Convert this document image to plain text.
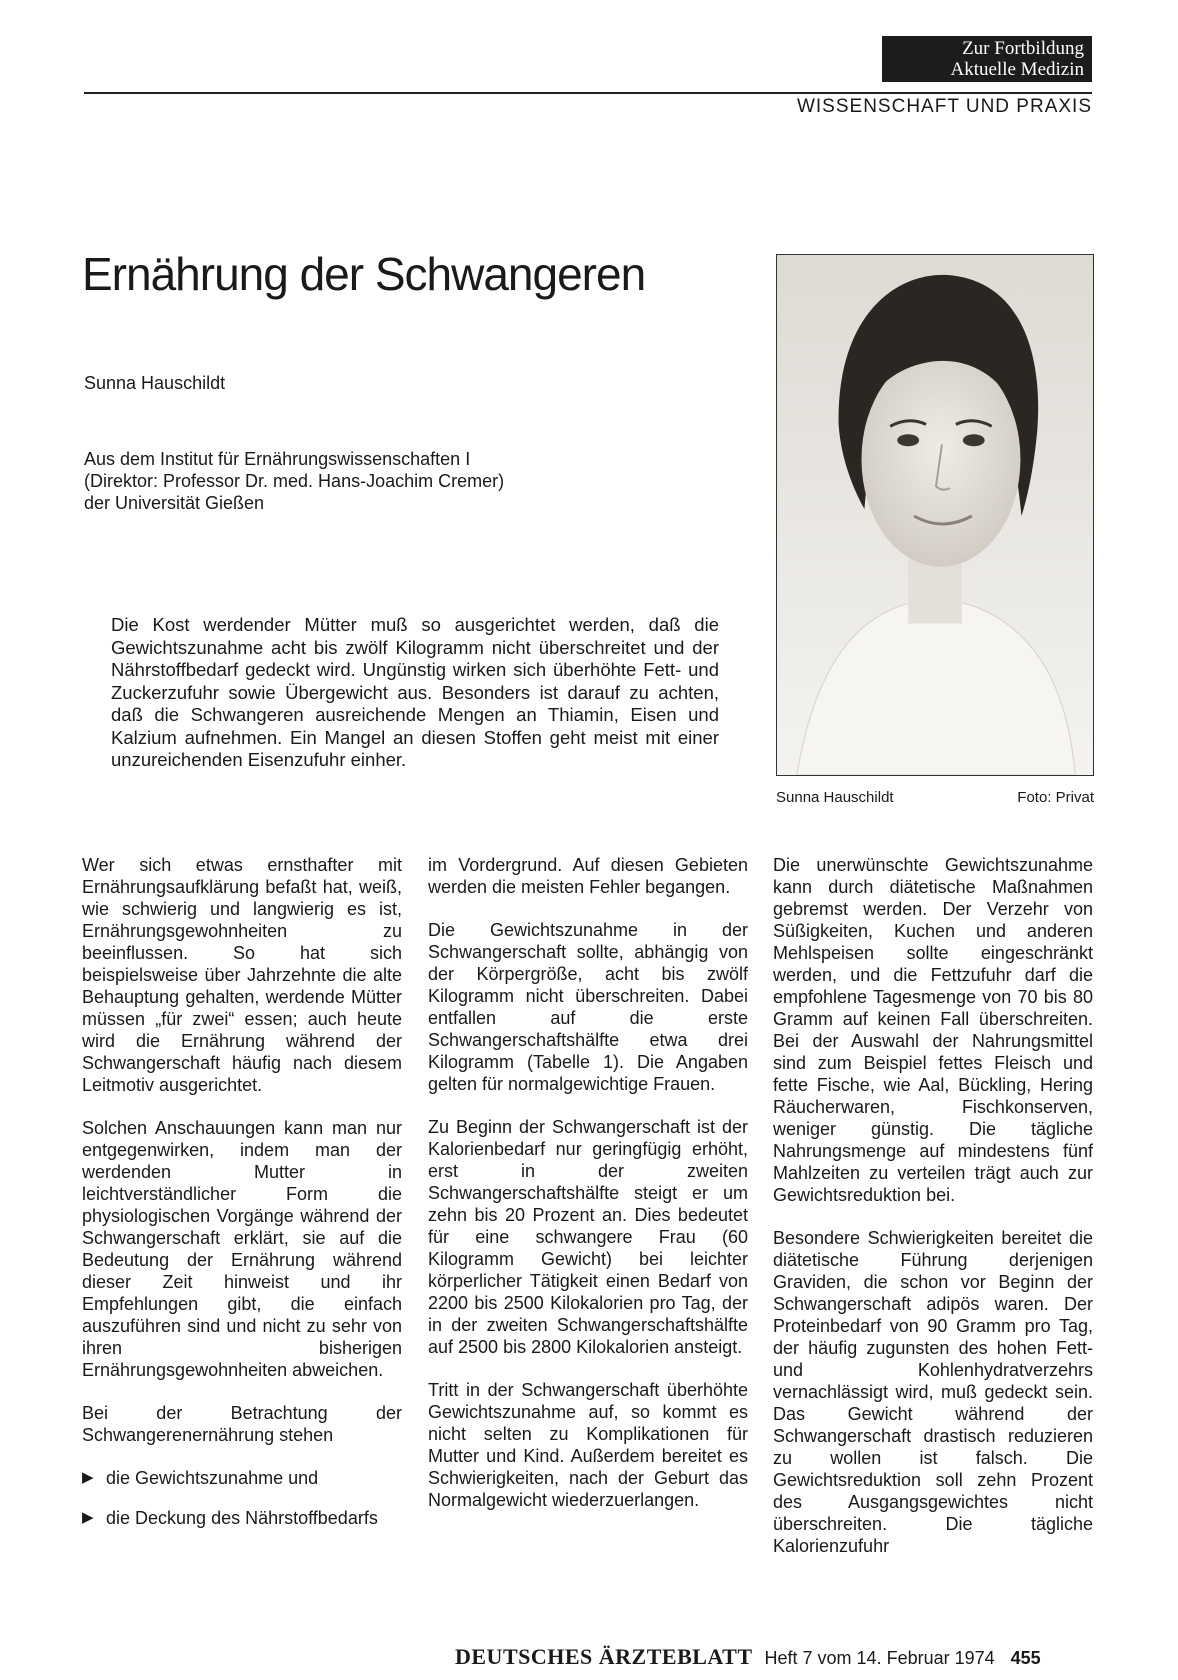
Zur Fortbildung
Aktuelle Medizin
WISSENSCHAFT UND PRAXIS
Ernährung der Schwangeren
Sunna Hauschildt
Aus dem Institut für Ernährungswissenschaften I
(Direktor: Professor Dr. med. Hans-Joachim Cremer)
der Universität Gießen
Die Kost werdender Mütter muß so ausgerichtet werden, daß die Gewichtszunahme acht bis zwölf Kilogramm nicht überschreitet und der Nährstoffbedarf gedeckt wird. Ungünstig wirken sich überhöhte Fett- und Zuckerzufuhr sowie Übergewicht aus. Besonders ist darauf zu achten, daß die Schwangeren ausreichende Mengen an Thiamin, Eisen und Kalzium aufnehmen. Ein Mangel an diesen Stoffen geht meist mit einer unzureichenden Eisenzufuhr einher.
Sunna Hauschildt	Foto: Privat

Wer sich etwas ernsthafter mit Ernährungsaufklärung befaßt hat, weiß, wie schwierig und langwierig es ist, Ernährungsgewohnheiten zu beeinflussen. So hat sich beispielsweise über Jahrzehnte die alte Behauptung gehalten, werdende Mütter müssen „für zwei“ essen; auch heute wird die Ernährung während der Schwangerschaft häufig nach diesem Leitmotiv ausgerichtet.

Solchen Anschauungen kann man nur entgegenwirken, indem man der werdenden Mutter in leichtverständlicher Form die physiologischen Vorgänge während der Schwangerschaft erklärt, sie auf die Bedeutung der Ernährung während dieser Zeit hinweist und ihr Empfehlungen gibt, die einfach auszuführen sind und nicht zu sehr von ihren bisherigen Ernährungsgewohnheiten abweichen.

Bei der Betrachtung der Schwangerenernährung stehen

▶ die Gewichtszunahme und
▶ die Deckung des Nährstoffbedarfs

im Vordergrund. Auf diesen Gebieten werden die meisten Fehler begangen.

Die Gewichtszunahme in der Schwangerschaft sollte, abhängig von der Körpergröße, acht bis zwölf Kilogramm nicht überschreiten. Dabei entfallen auf die erste Schwangerschaftshälfte etwa drei Kilogramm (Tabelle 1). Die Angaben gelten für normalgewichtige Frauen.

Zu Beginn der Schwangerschaft ist der Kalorienbedarf nur geringfügig erhöht, erst in der zweiten Schwangerschaftshälfte steigt er um zehn bis 20 Prozent an. Dies bedeutet für eine schwangere Frau (60 Kilogramm Gewicht) bei leichter körperlicher Tätigkeit einen Bedarf von 2200 bis 2500 Kilokalorien pro Tag, der in der zweiten Schwangerschaftshälfte auf 2500 bis 2800 Kilokalorien ansteigt.

Tritt in der Schwangerschaft überhöhte Gewichtszunahme auf, so kommt es nicht selten zu Komplikationen für Mutter und Kind. Außerdem bereitet es Schwierigkeiten, nach der Geburt das Normalgewicht wiederzuerlangen.

Die unerwünschte Gewichtszunahme kann durch diätetische Maßnahmen gebremst werden. Der Verzehr von Süßigkeiten, Kuchen und anderen Mehlspeisen sollte eingeschränkt werden, und die Fettzufuhr darf die empfohlene Tagesmenge von 70 bis 80 Gramm auf keinen Fall überschreiten. Bei der Auswahl der Nahrungsmittel sind zum Beispiel fettes Fleisch und fette Fische, wie Aal, Bückling, Hering Räucherwaren, Fischkonserven, weniger günstig. Die tägliche Nahrungsmenge auf mindestens fünf Mahlzeiten zu verteilen trägt auch zur Gewichtsreduktion bei.

Besondere Schwierigkeiten bereitet die diätetische Führung derjenigen Graviden, die schon vor Beginn der Schwangerschaft adipös waren. Der Proteinbedarf von 90 Gramm pro Tag, der häufig zugunsten des hohen Fett- und Kohlenhydratverzehrs vernachlässigt wird, muß gedeckt sein. Das Gewicht während der Schwangerschaft drastisch reduzieren zu wollen ist falsch. Die Gewichtsreduktion soll zehn Prozent des Ausgangsgewichtes nicht überschreiten. Die tägliche Kalorienzufuhr

DEUTSCHES ÄRZTEBLATT Heft 7 vom 14. Februar 1974 455
